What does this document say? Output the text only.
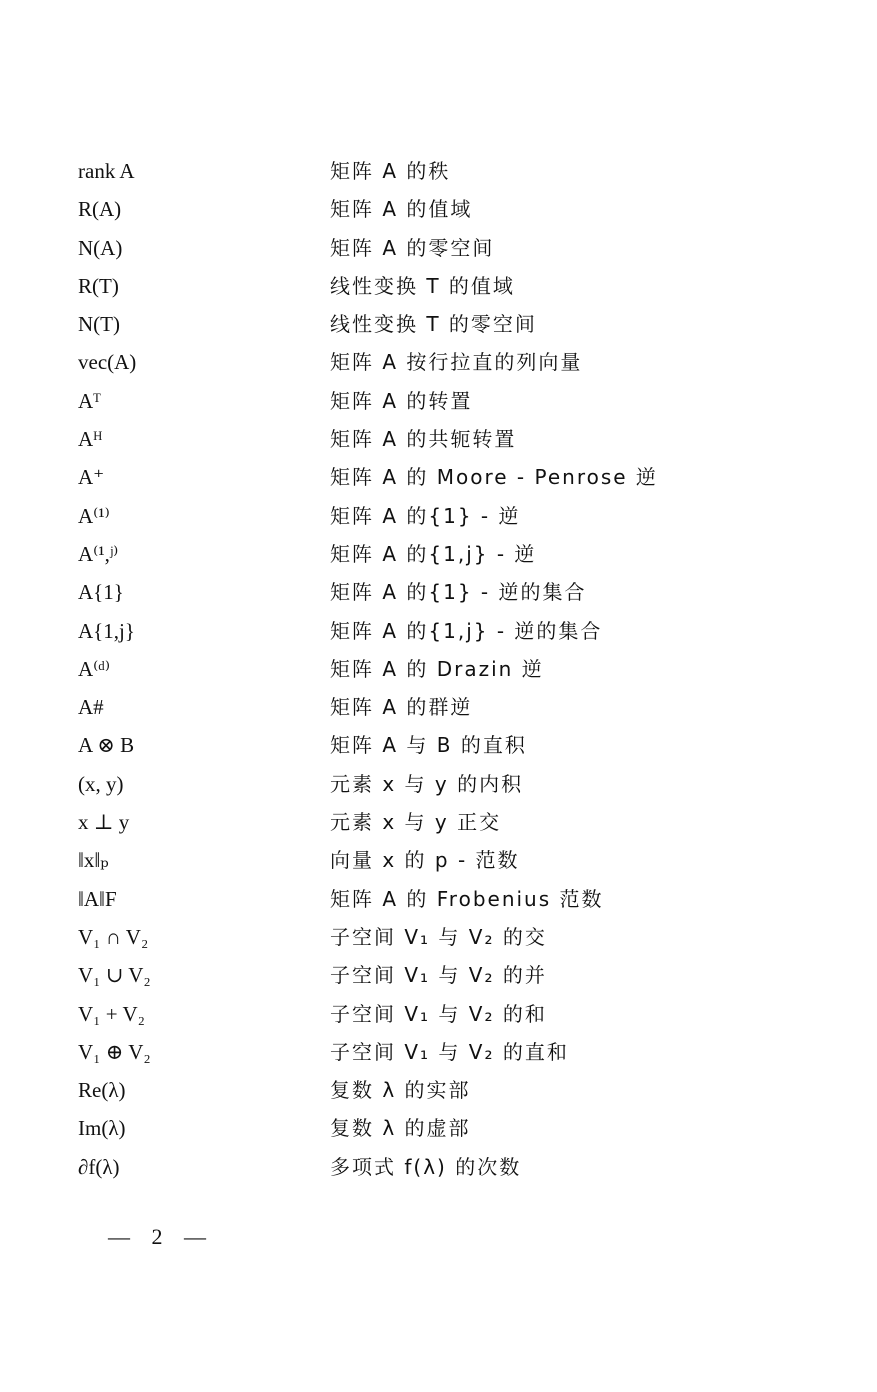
rank A	矩阵 A 的秩
R(A)	矩阵 A 的值域
N(A)	矩阵 A 的零空间
R(T)	线性变换 T 的值域
N(T)	线性变换 T 的零空间
vec(A)	矩阵 A 按行拉直的列向量
Aᵀ	矩阵 A 的转置
Aᴴ	矩阵 A 的共轭转置
A⁺	矩阵 A 的 Moore - Penrose 逆
A⁽¹⁾	矩阵 A 的{1} - 逆
A⁽¹,ʲ⁾	矩阵 A 的{1,j} - 逆
A{1}	矩阵 A 的{1} - 逆的集合
A{1,j}	矩阵 A 的{1,j} - 逆的集合
A⁽ᵈ⁾	矩阵 A 的 Drazin 逆
A#	矩阵 A 的群逆
A ⊗ B	矩阵 A 与 B 的直积
(x, y)	元素 x 与 y 的内积
x ⊥ y	元素 x 与 y 正交
‖x‖ₚ	向量 x 的 p - 范数
‖A‖F	矩阵 A 的 Frobenius 范数
V₁ ∩ V₂	子空间 V₁ 与 V₂ 的交
V₁ ∪ V₂	子空间 V₁ 与 V₂ 的并
V₁ + V₂	子空间 V₁ 与 V₂ 的和
V₁ ⊕ V₂	子空间 V₁ 与 V₂ 的直和
Re(λ)	复数 λ 的实部
Im(λ)	复数 λ 的虚部
∂f(λ)	多项式 f(λ) 的次数
— 2 —
